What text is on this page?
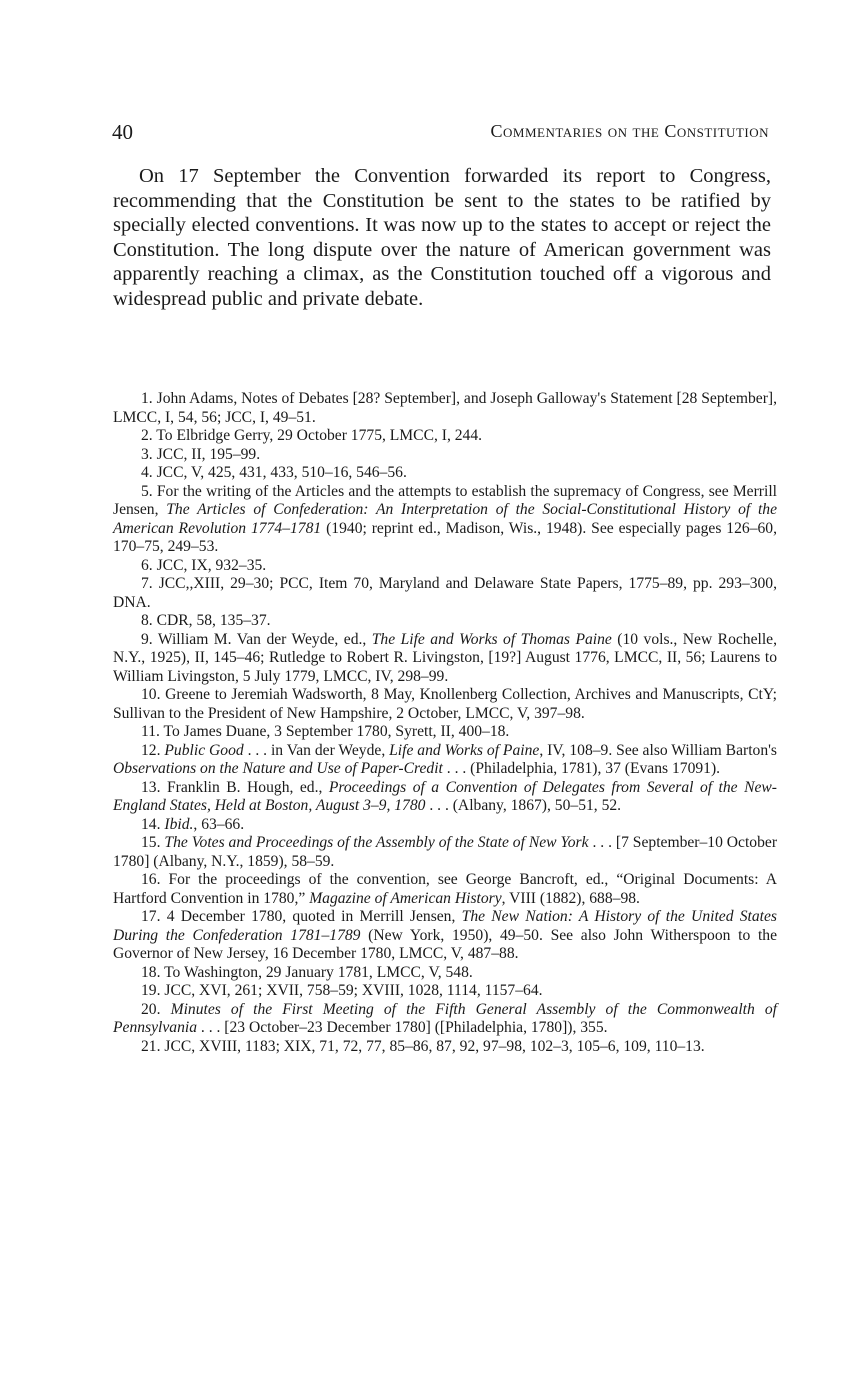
40	Commentaries on the Constitution

On 17 September the Convention forwarded its report to Congress, recommending that the Constitution be sent to the states to be ratified by specially elected conventions. It was now up to the states to accept or reject the Constitution. The long dispute over the nature of American government was apparently reaching a climax, as the Constitution touched off a vigorous and widespread public and private debate.

1. John Adams, Notes of Debates [28? September], and Joseph Galloway's Statement [28 September], LMCC, I, 54, 56; JCC, I, 49–51.

2. To Elbridge Gerry, 29 October 1775, LMCC, I, 244.

3. JCC, II, 195–99.

4. JCC, V, 425, 431, 433, 510–16, 546–56.

5. For the writing of the Articles and the attempts to establish the supremacy of Congress, see Merrill Jensen, The Articles of Confederation: An Interpretation of the Social-Constitutional History of the American Revolution 1774–1781 (1940; reprint ed., Madison, Wis., 1948). See especially pages 126–60, 170–75, 249–53.

6. JCC, IX, 932–35.

7. JCC,,XIII, 29–30; PCC, Item 70, Maryland and Delaware State Papers, 1775–89, pp. 293–300, DNA.

8. CDR, 58, 135–37.

9. William M. Van der Weyde, ed., The Life and Works of Thomas Paine (10 vols., New Rochelle, N.Y., 1925), II, 145–46; Rutledge to Robert R. Livingston, [19?] August 1776, LMCC, II, 56; Laurens to William Livingston, 5 July 1779, LMCC, IV, 298–99.

10. Greene to Jeremiah Wadsworth, 8 May, Knollenberg Collection, Archives and Manuscripts, CtY; Sullivan to the President of New Hampshire, 2 October, LMCC, V, 397–98.

11. To James Duane, 3 September 1780, Syrett, II, 400–18.

12. Public Good . . . in Van der Weyde, Life and Works of Paine, IV, 108–9. See also William Barton's Observations on the Nature and Use of Paper-Credit . . . (Philadelphia, 1781), 37 (Evans 17091).

13. Franklin B. Hough, ed., Proceedings of a Convention of Delegates from Several of the New-England States, Held at Boston, August 3–9, 1780 . . . (Albany, 1867), 50–51, 52.

14. Ibid., 63–66.

15. The Votes and Proceedings of the Assembly of the State of New York . . . [7 September–10 October 1780] (Albany, N.Y., 1859), 58–59.

16. For the proceedings of the convention, see George Bancroft, ed., “Original Documents: A Hartford Convention in 1780,” Magazine of American History, VIII (1882), 688–98.

17. 4 December 1780, quoted in Merrill Jensen, The New Nation: A History of the United States During the Confederation 1781–1789 (New York, 1950), 49–50. See also John Witherspoon to the Governor of New Jersey, 16 December 1780, LMCC, V, 487–88.

18. To Washington, 29 January 1781, LMCC, V, 548.

19. JCC, XVI, 261; XVII, 758–59; XVIII, 1028, 1114, 1157–64.

20. Minutes of the First Meeting of the Fifth General Assembly of the Commonwealth of Pennsylvania . . . [23 October–23 December 1780] ([Philadelphia, 1780]), 355.

21. JCC, XVIII, 1183; XIX, 71, 72, 77, 85–86, 87, 92, 97–98, 102–3, 105–6, 109, 110–13.
